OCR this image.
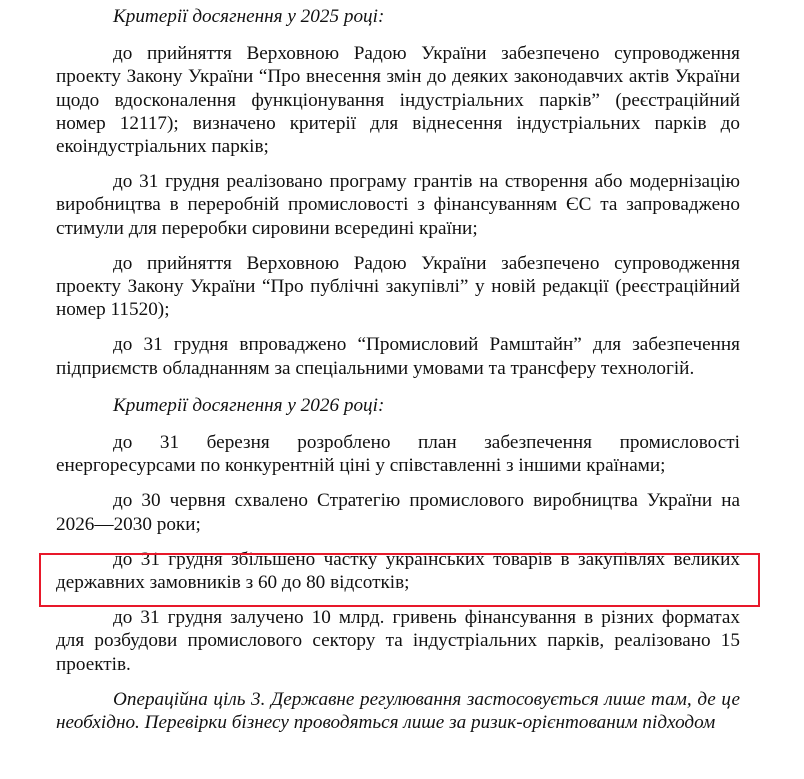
Критерії досягнення у 2025 році:

до прийняття Верховною Радою України забезпечено супроводження проекту Закону України “Про внесення змін до деяких законодавчих актів України щодо вдосконалення функціонування індустріальних парків” (реєстраційний номер 12117); визначено критерії для віднесення індустріальних парків до екоіндустріальних парків;

до 31 грудня реалізовано програму грантів на створення або модернізацію виробництва в переробній промисловості з фінансуванням ЄС та запроваджено стимули для переробки сировини всередині країни;

до прийняття Верховною Радою України забезпечено супроводження проекту Закону України “Про публічні закупівлі” у новій редакції (реєстраційний номер 11520);

до 31 грудня впроваджено “Промисловий Рамштайн” для забезпечення підприємств обладнанням за спеціальними умовами та трансферу технологій.

Критерії досягнення у 2026 році:

до 31 березня розроблено план забезпечення промисловості енергоресурсами по конкурентній ціні у співставленні з іншими країнами;

до 30 червня схвалено Стратегію промислового виробництва України на 2026—2030 роки;

до 31 грудня збільшено частку українських товарів в закупівлях великих державних замовників з 60 до 80 відсотків;

до 31 грудня залучено 10 млрд. гривень фінансування в різних форматах для розбудови промислового сектору та індустріальних парків, реалізовано 15 проектів.

Операційна ціль 3. Державне регулювання застосовується лише там, де це необхідно. Перевірки бізнесу проводяться лише за ризик-орієнтованим підходом
